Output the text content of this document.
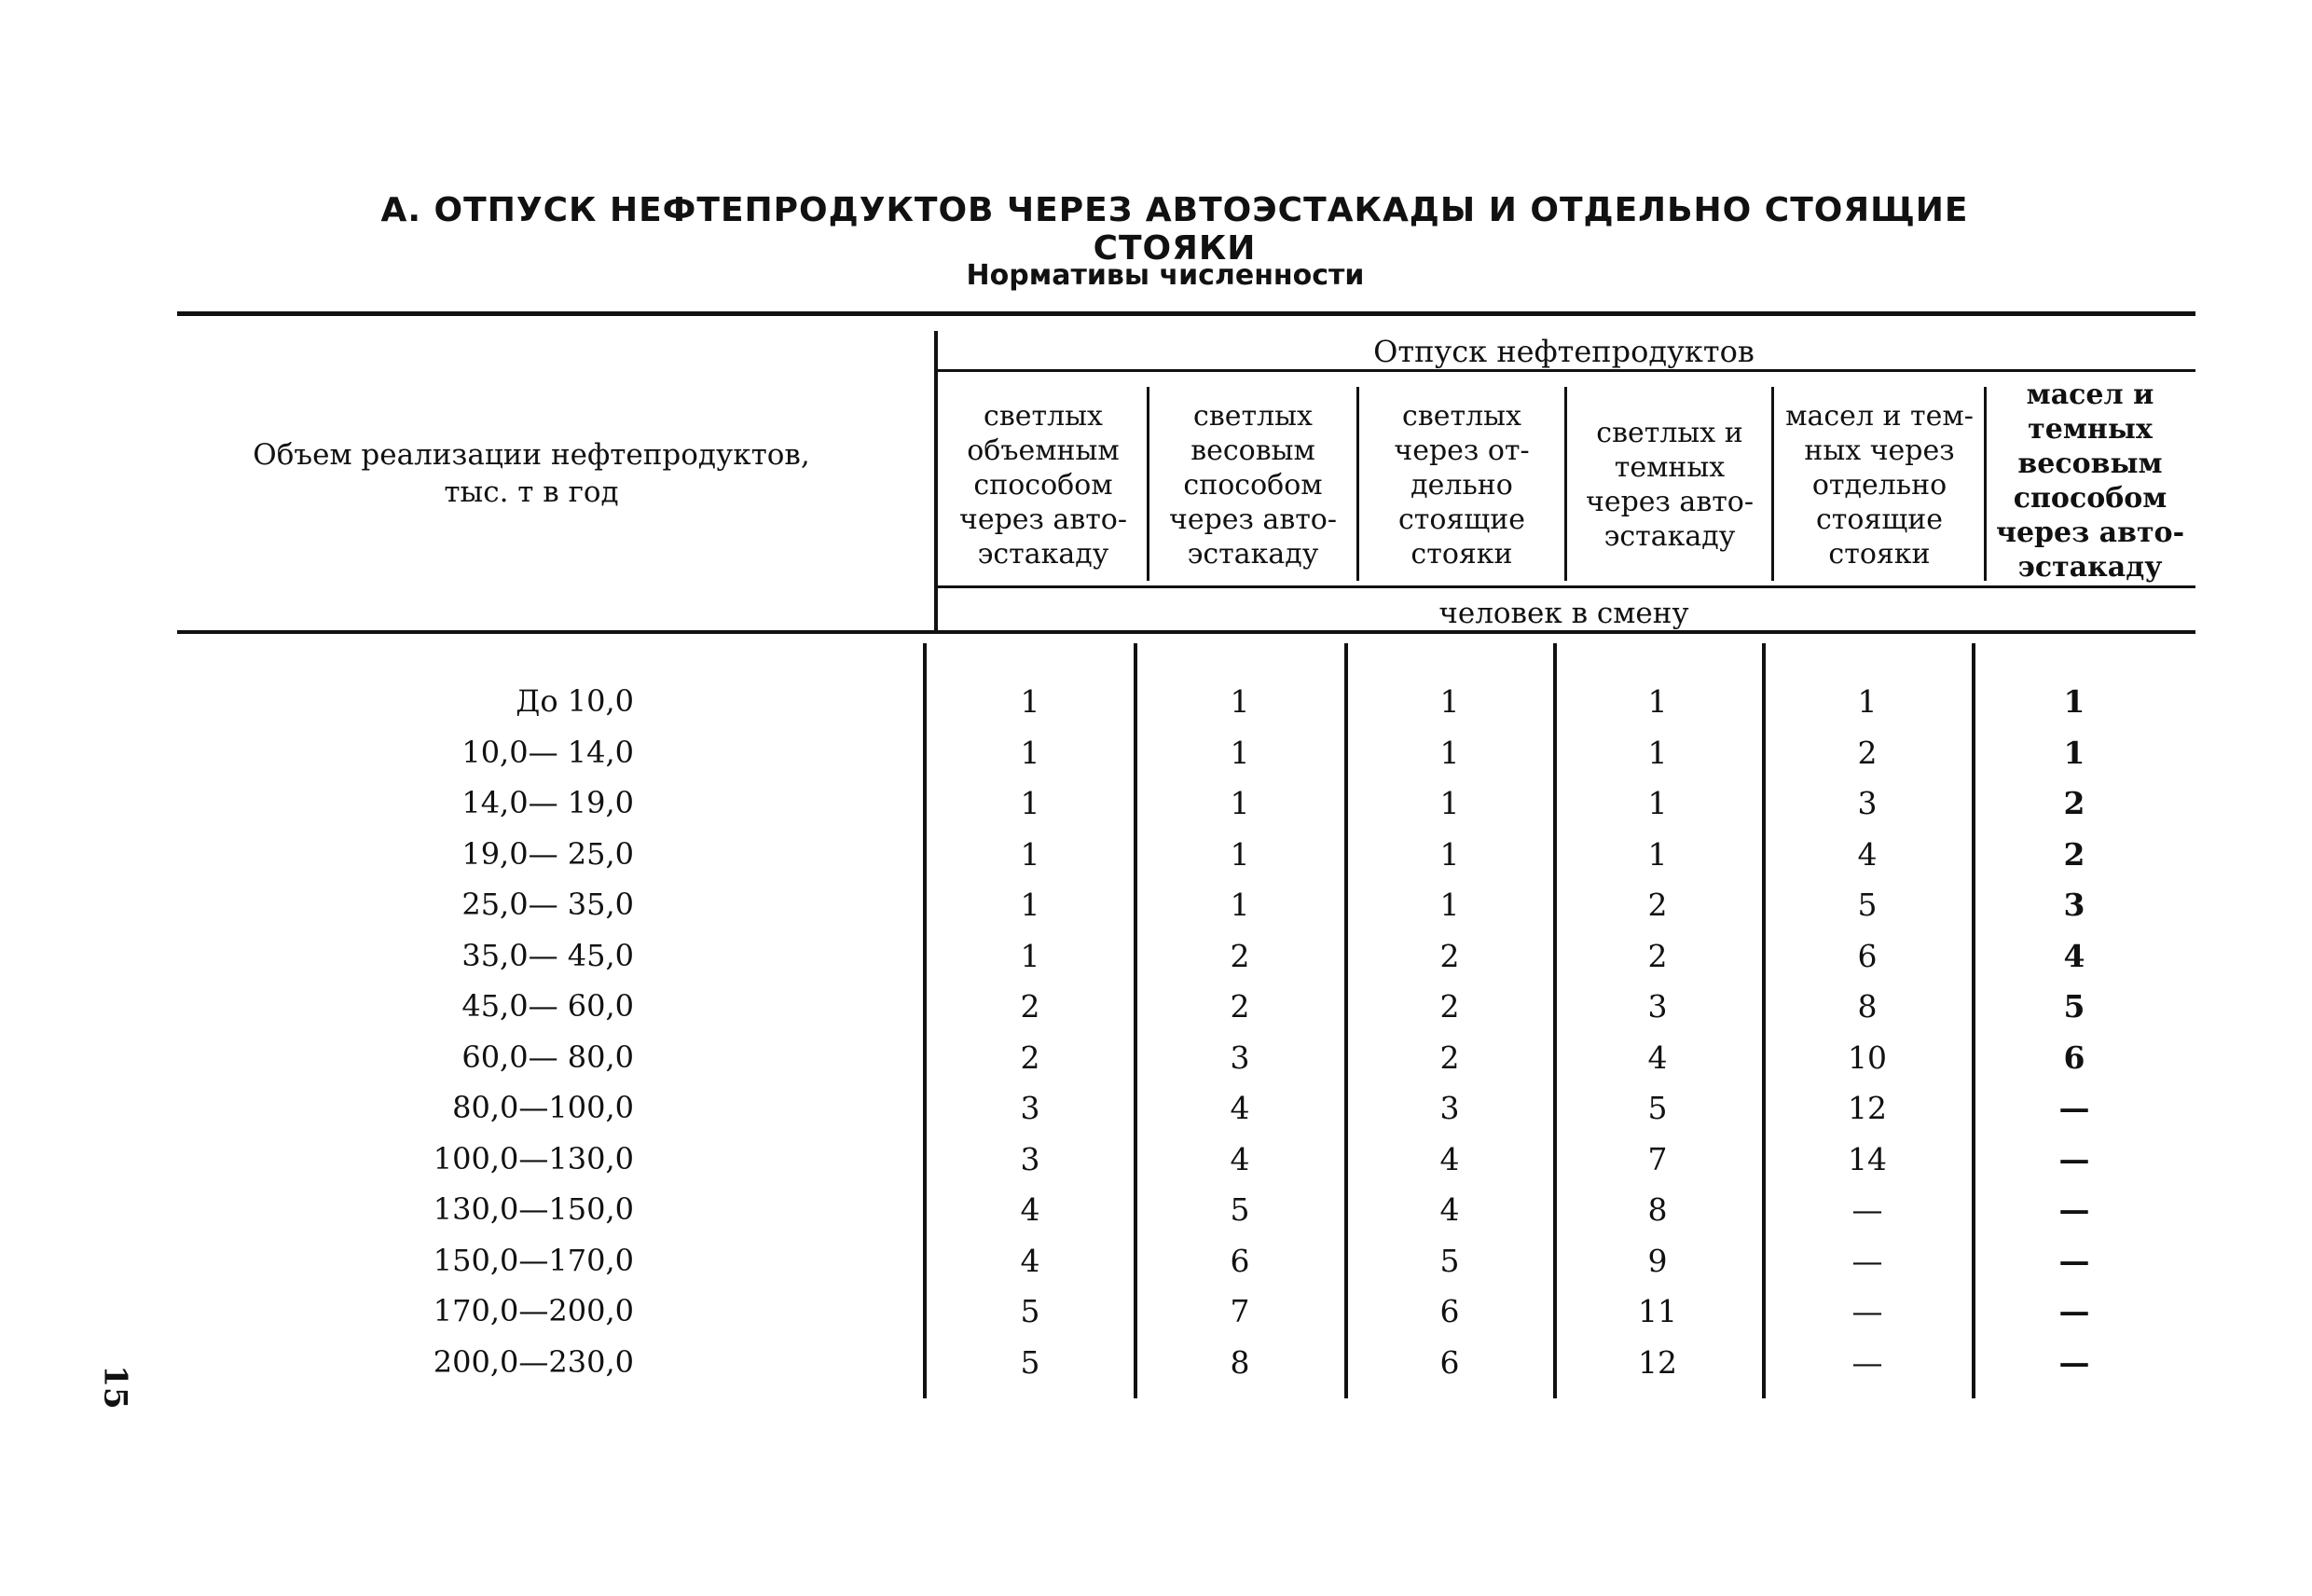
А. ОТПУСК НЕФТЕПРОДУКТОВ ЧЕРЕЗ АВТОЭСТАКАДЫ И ОТДЕЛЬНО СТОЯЩИЕ СТОЯКИ
Нормативы численности
Объем реализации нефтепродуктов,
тыс. т в год
Отпуск нефтепродуктов
светлых объемным способом через авто-эстакаду
светлых весовым способом через авто-эстакаду
светлых через от-дельно стоящие стояки
светлых и темных через авто-эстакаду
масел и тем-ных через отдельно стоящие стояки
масел и темных весовым способом через авто-эстакаду
человек в смену
До 10,0	1	1	1	1	1	1
10,0— 14,0	1	1	1	1	2	1
14,0— 19,0	1	1	1	1	3	2
19,0— 25,0	1	1	1	1	4	2
25,0— 35,0	1	1	1	2	5	3
35,0— 45,0	1	2	2	2	6	4
45,0— 60,0	2	2	2	3	8	5
60,0— 80,0	2	3	2	4	10	6
80,0—100,0	3	4	3	5	12	—
100,0—130,0	3	4	4	7	14	—
130,0—150,0	4	5	4	8	—	—
150,0—170,0	4	6	5	9	—	—
170,0—200,0	5	7	6	11	—	—
200,0—230,0	5	8	6	12	—	—
15
